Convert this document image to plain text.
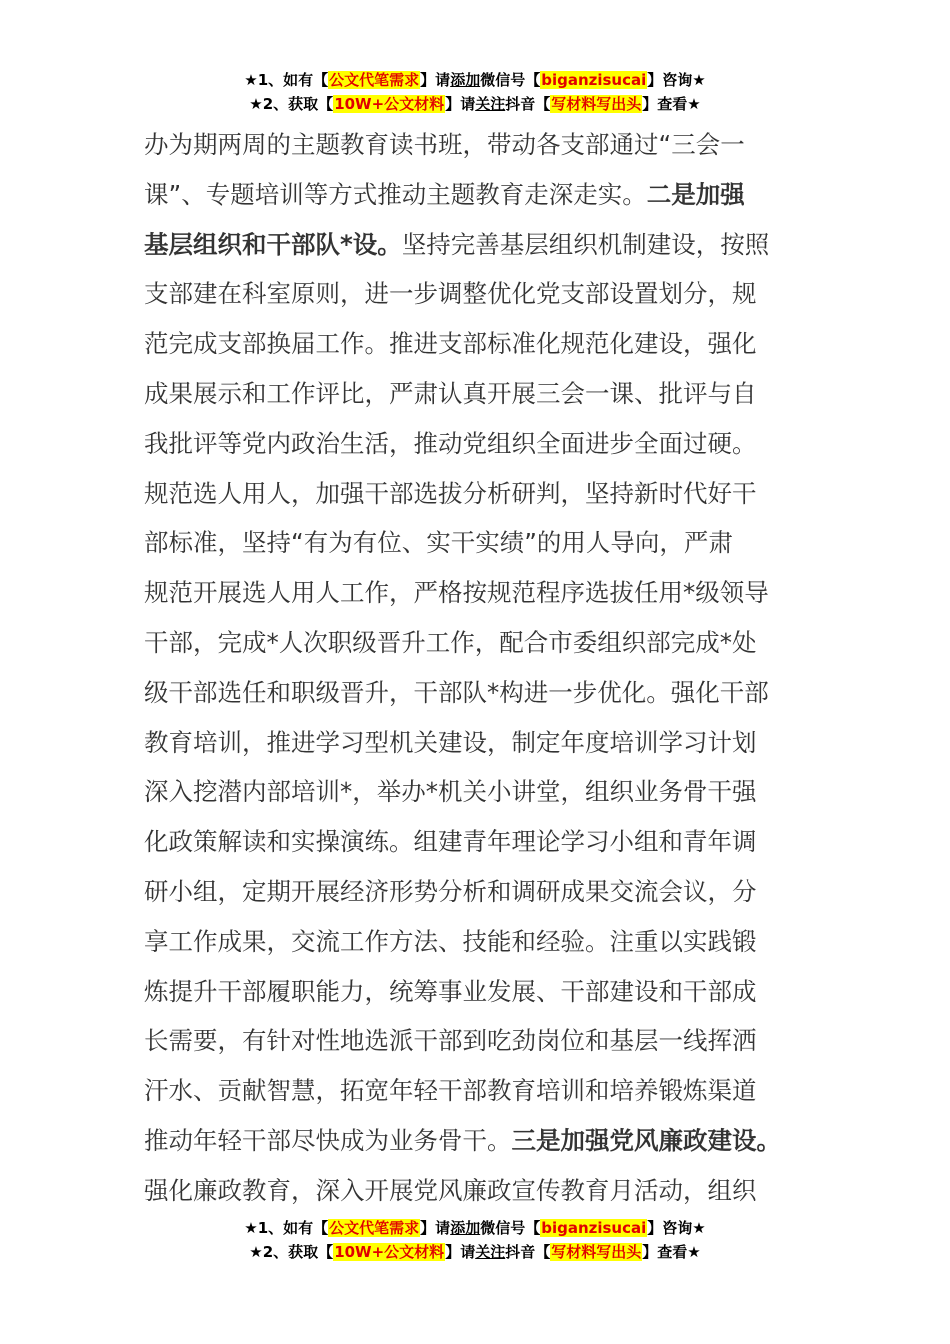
★1、如有【公文代笔需求】请添加微信号【biganzisucai】咨询★
★2、获取【10W+公文材料】请关注抖音【写材料写出头】查看★
办为期两周的主题教育读书班，带动各支部通过“三会一
课”、专题培训等方式推动主题教育走深走实。二是加强
基层组织和干部队*设。坚持完善基层组织机制建设，按照
支部建在科室原则，进一步调整优化党支部设置划分，规
范完成支部换届工作。推进支部标准化规范化建设，强化
成果展示和工作评比，严肃认真开展三会一课、批评与自
我批评等党内政治生活，推动党组织全面进步全面过硬。
规范选人用人，加强干部选拔分析研判，坚持新时代好干
部标准，坚持“有为有位、实干实绩”的用人导向，严肃
规范开展选人用人工作，严格按规范程序选拔任用*级领导
干部，完成*人次职级晋升工作，配合市委组织部完成*处
级干部选任和职级晋升，干部队*构进一步优化。强化干部
教育培训，推进学习型机关建设，制定年度培训学习计划
深入挖潜内部培训*，举办*机关小讲堂，组织业务骨干强
化政策解读和实操演练。组建青年理论学习小组和青年调
研小组，定期开展经济形势分析和调研成果交流会议，分
享工作成果，交流工作方法、技能和经验。注重以实践锻
炼提升干部履职能力，统筹事业发展、干部建设和干部成
长需要，有针对性地选派干部到吃劲岗位和基层一线挥洒
汗水、贡献智慧，拓宽年轻干部教育培训和培养锻炼渠道
推动年轻干部尽快成为业务骨干。三是加强党风廉政建设。
强化廉政教育，深入开展党风廉政宣传教育月活动，组织
★1、如有【公文代笔需求】请添加微信号【biganzisucai】咨询★
★2、获取【10W+公文材料】请关注抖音【写材料写出头】查看★
